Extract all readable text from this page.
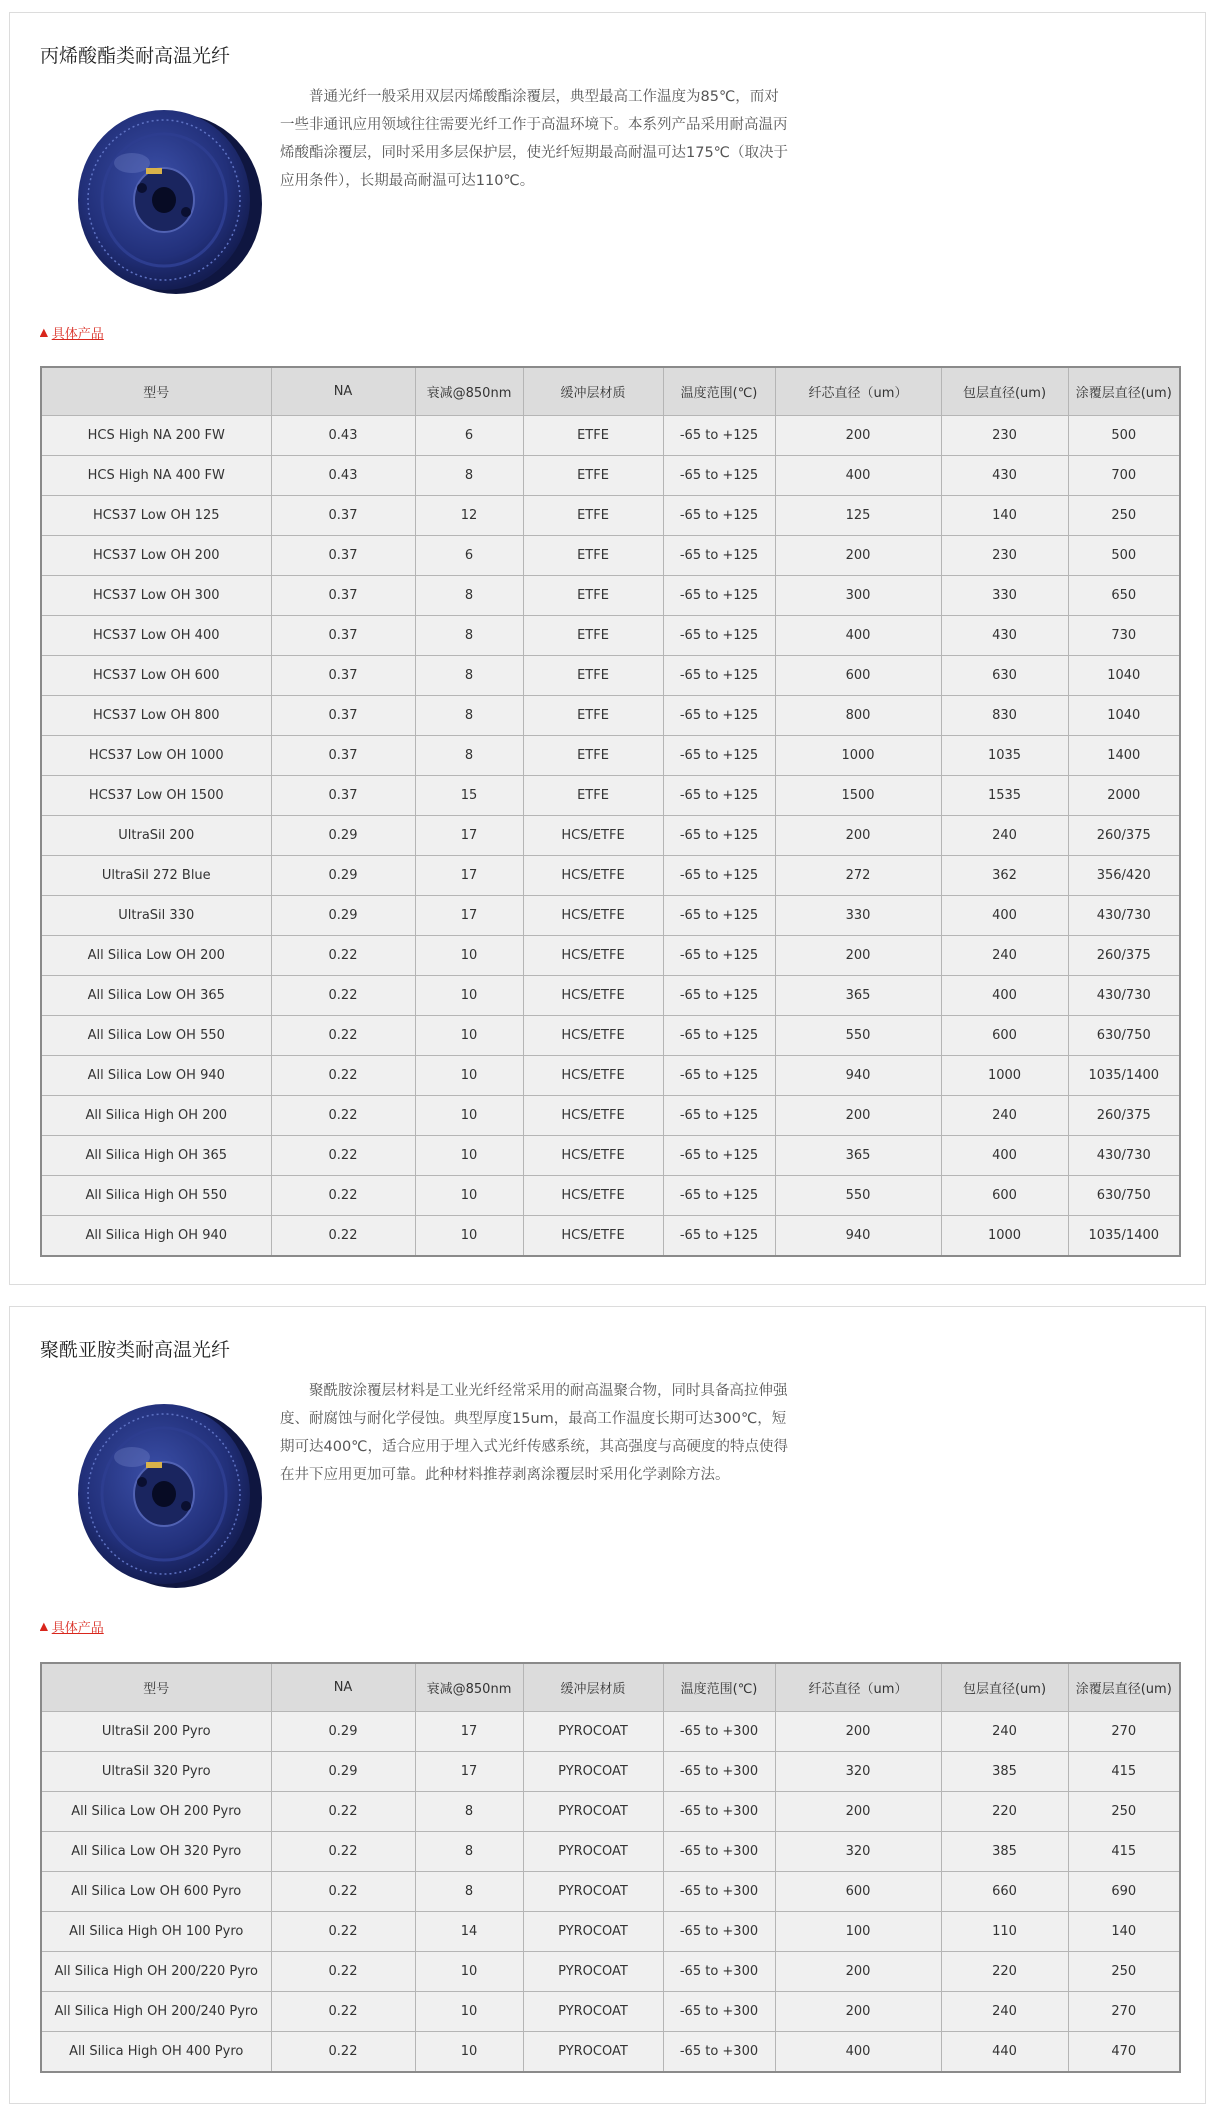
丙烯酸酯类耐高温光纤

普通光纤一般采用双层丙烯酸酯涂覆层，典型最高工作温度为85℃，而对一些非通讯应用领域往往需要光纤工作于高温环境下。本系列产品采用耐高温丙烯酸酯涂覆层，同时采用多层保护层，使光纤短期最高耐温可达175℃（取决于应用条件），长期最高耐温可达110℃。

▲ 具体产品
型号	NA	衰减@850nm	缓冲层材质	温度范围(℃)	纤芯直径（um）	包层直径(um)	涂覆层直径(um)
HCS High NA 200 FW	0.43	6	ETFE	-65 to +125	200	230	500
HCS High NA 400 FW	0.43	8	ETFE	-65 to +125	400	430	700
HCS37 Low OH 125	0.37	12	ETFE	-65 to +125	125	140	250
HCS37 Low OH 200	0.37	6	ETFE	-65 to +125	200	230	500
HCS37 Low OH 300	0.37	8	ETFE	-65 to +125	300	330	650
HCS37 Low OH 400	0.37	8	ETFE	-65 to +125	400	430	730
HCS37 Low OH 600	0.37	8	ETFE	-65 to +125	600	630	1040
HCS37 Low OH 800	0.37	8	ETFE	-65 to +125	800	830	1040
HCS37 Low OH 1000	0.37	8	ETFE	-65 to +125	1000	1035	1400
HCS37 Low OH 1500	0.37	15	ETFE	-65 to +125	1500	1535	2000
UltraSil 200	0.29	17	HCS/ETFE	-65 to +125	200	240	260/375
UltraSil 272 Blue	0.29	17	HCS/ETFE	-65 to +125	272	362	356/420
UltraSil 330	0.29	17	HCS/ETFE	-65 to +125	330	400	430/730
All Silica Low OH 200	0.22	10	HCS/ETFE	-65 to +125	200	240	260/375
All Silica Low OH 365	0.22	10	HCS/ETFE	-65 to +125	365	400	430/730
All Silica Low OH 550	0.22	10	HCS/ETFE	-65 to +125	550	600	630/750
All Silica Low OH 940	0.22	10	HCS/ETFE	-65 to +125	940	1000	1035/1400
All Silica High OH 200	0.22	10	HCS/ETFE	-65 to +125	200	240	260/375
All Silica High OH 365	0.22	10	HCS/ETFE	-65 to +125	365	400	430/730
All Silica High OH 550	0.22	10	HCS/ETFE	-65 to +125	550	600	630/750
All Silica High OH 940	0.22	10	HCS/ETFE	-65 to +125	940	1000	1035/1400
聚酰亚胺类耐高温光纤

聚酰胺涂覆层材料是工业光纤经常采用的耐高温聚合物，同时具备高拉伸强度、耐腐蚀与耐化学侵蚀。典型厚度15um，最高工作温度长期可达300℃，短期可达400℃，适合应用于埋入式光纤传感系统，其高强度与高硬度的特点使得在井下应用更加可靠。此种材料推荐剥离涂覆层时采用化学剥除方法。

▲ 具体产品
型号	NA	衰减@850nm	缓冲层材质	温度范围(℃)	纤芯直径（um）	包层直径(um)	涂覆层直径(um)
UltraSil 200 Pyro	0.29	17	PYROCOAT	-65 to +300	200	240	270
UltraSil 320 Pyro	0.29	17	PYROCOAT	-65 to +300	320	385	415
All Silica Low OH 200 Pyro	0.22	8	PYROCOAT	-65 to +300	200	220	250
All Silica Low OH 320 Pyro	0.22	8	PYROCOAT	-65 to +300	320	385	415
All Silica Low OH 600 Pyro	0.22	8	PYROCOAT	-65 to +300	600	660	690
All Silica High OH 100 Pyro	0.22	14	PYROCOAT	-65 to +300	100	110	140
All Silica High OH 200/220 Pyro	0.22	10	PYROCOAT	-65 to +300	200	220	250
All Silica High OH 200/240 Pyro	0.22	10	PYROCOAT	-65 to +300	200	240	270
All Silica High OH 400 Pyro	0.22	10	PYROCOAT	-65 to +300	400	440	470
